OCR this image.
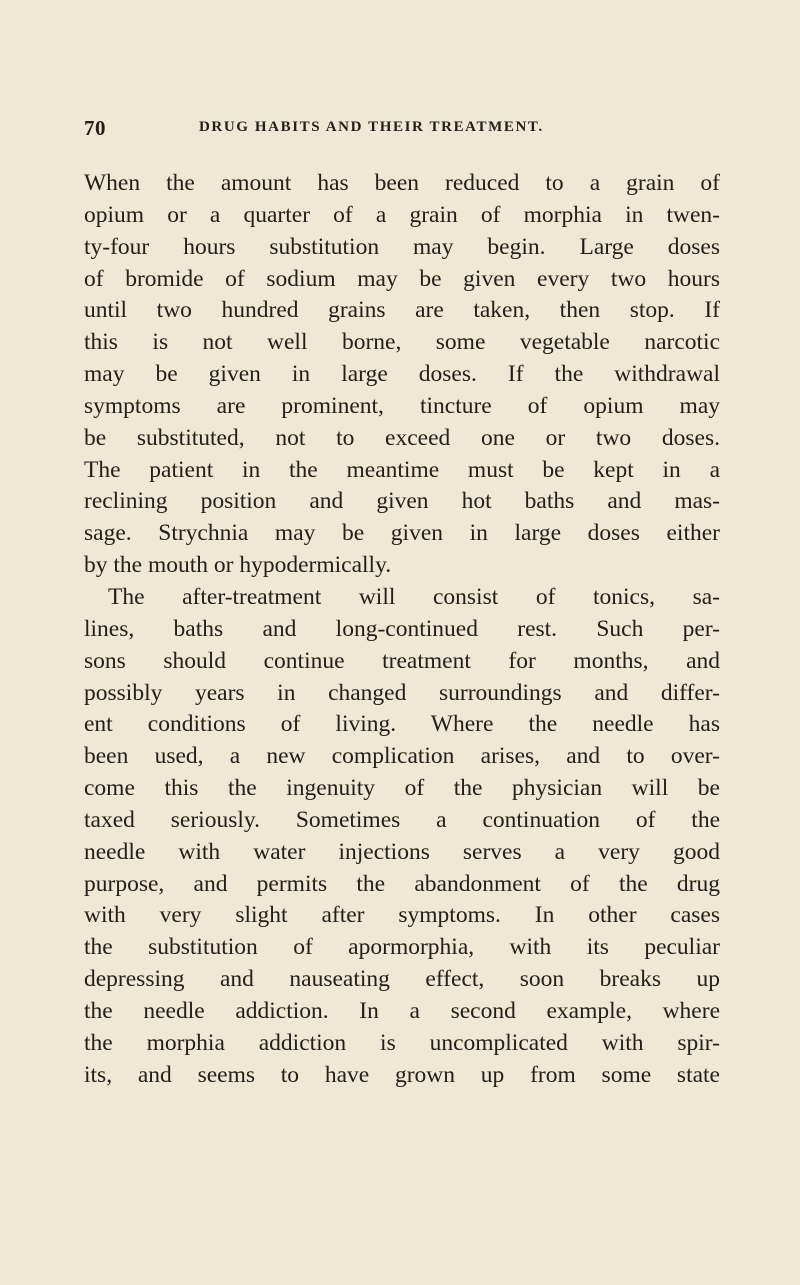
70	DRUG HABITS AND THEIR TREATMENT.
When the amount has been reduced to a grain of
opium or a quarter of a grain of morphia in twen-
ty-four hours substitution may begin. Large doses
of bromide of sodium may be given every two hours
until two hundred grains are taken, then stop. If
this is not well borne, some vegetable narcotic
may be given in large doses. If the withdrawal
symptoms are prominent, tincture of opium may
be substituted, not to exceed one or two doses.
The patient in the meantime must be kept in a
reclining position and given hot baths and mas-
sage. Strychnia may be given in large doses either
by the mouth or hypodermically.
The after-treatment will consist of tonics, sa-
lines, baths and long-continued rest. Such per-
sons should continue treatment for months, and
possibly years in changed surroundings and differ-
ent conditions of living. Where the needle has
been used, a new complication arises, and to over-
come this the ingenuity of the physician will be
taxed seriously. Sometimes a continuation of the
needle with water injections serves a very good
purpose, and permits the abandonment of the drug
with very slight after symptoms. In other cases
the substitution of apormorphia, with its peculiar
depressing and nauseating effect, soon breaks up
the needle addiction. In a second example, where
the morphia addiction is uncomplicated with spir-
its, and seems to have grown up from some state
